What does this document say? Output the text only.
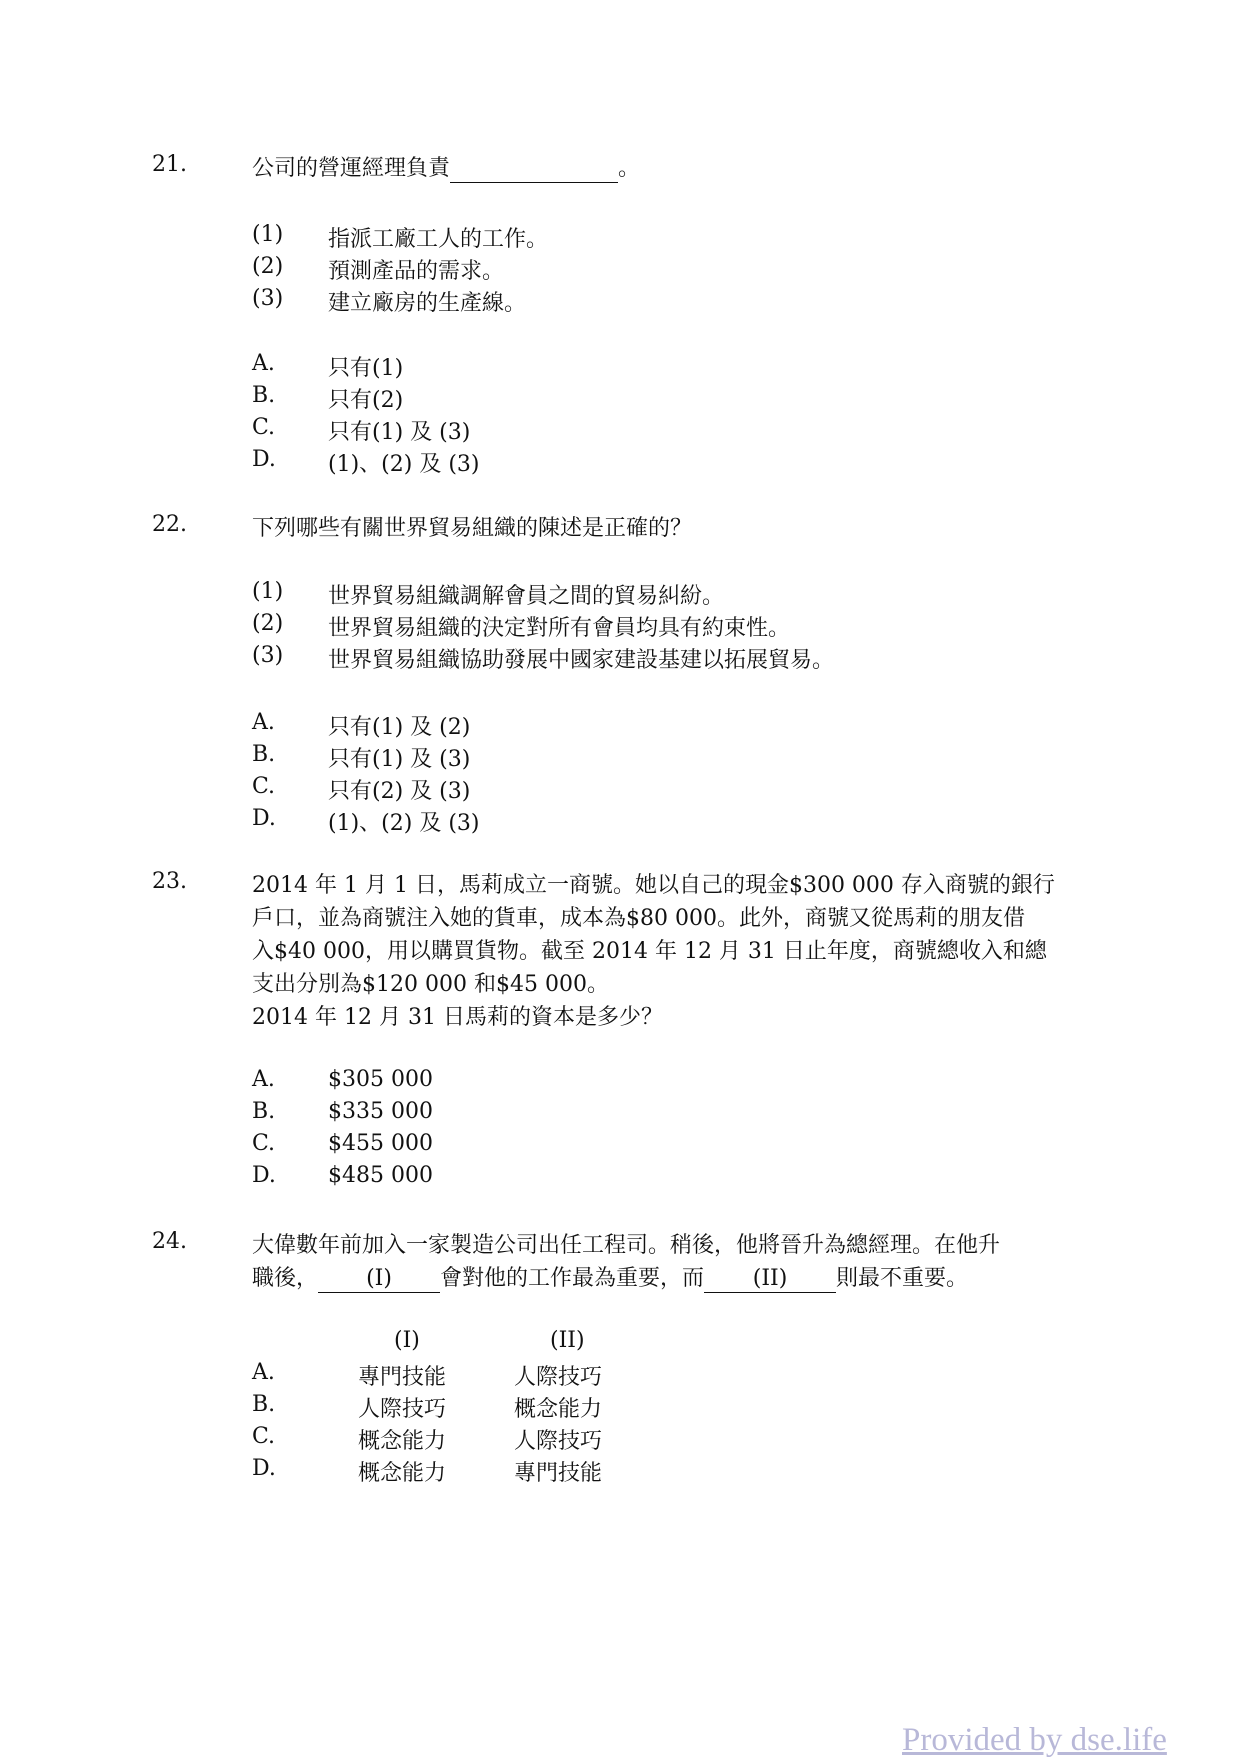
21.	公司的營運經理負責	。
(1) 指派工廠工人的工作。
(2) 預測產品的需求。
(3) 建立廠房的生產線。
A. 只有(1)
B. 只有(2)
C. 只有(1) 及 (3)
D. (1)、(2) 及 (3)
22.	下列哪些有關世界貿易組織的陳述是正確的？
(1) 世界貿易組織調解會員之間的貿易糾紛。
(2) 世界貿易組織的決定對所有會員均具有約束性。
(3) 世界貿易組織協助發展中國家建設基建以拓展貿易。
A. 只有(1) 及 (2)
B. 只有(1) 及 (3)
C. 只有(2) 及 (3)
D. (1)、(2) 及 (3)
23.	2014 年 1 月 1 日，馬莉成立一商號。她以自己的現金$300 000 存入商號的銀行
戶口，並為商號注入她的貨車，成本為$80 000。此外，商號又從馬莉的朋友借
入$40 000，用以購買貨物。截至 2014 年 12 月 31 日止年度，商號總收入和總
支出分別為$120 000 和$45 000。
2014 年 12 月 31 日馬莉的資本是多少？
A. $305 000
B. $335 000
C. $455 000
D. $485 000
24.	大偉數年前加入一家製造公司出任工程司。稍後，他將晉升為總經理。在他升
職後， (I) 會對他的工作最為重要，而 (II) 則最不重要。
(I)	(II)
A.	專門技能	人際技巧
B.	人際技巧	概念能力
C.	概念能力	人際技巧
D.	概念能力	專門技能
Provided by dse.life
